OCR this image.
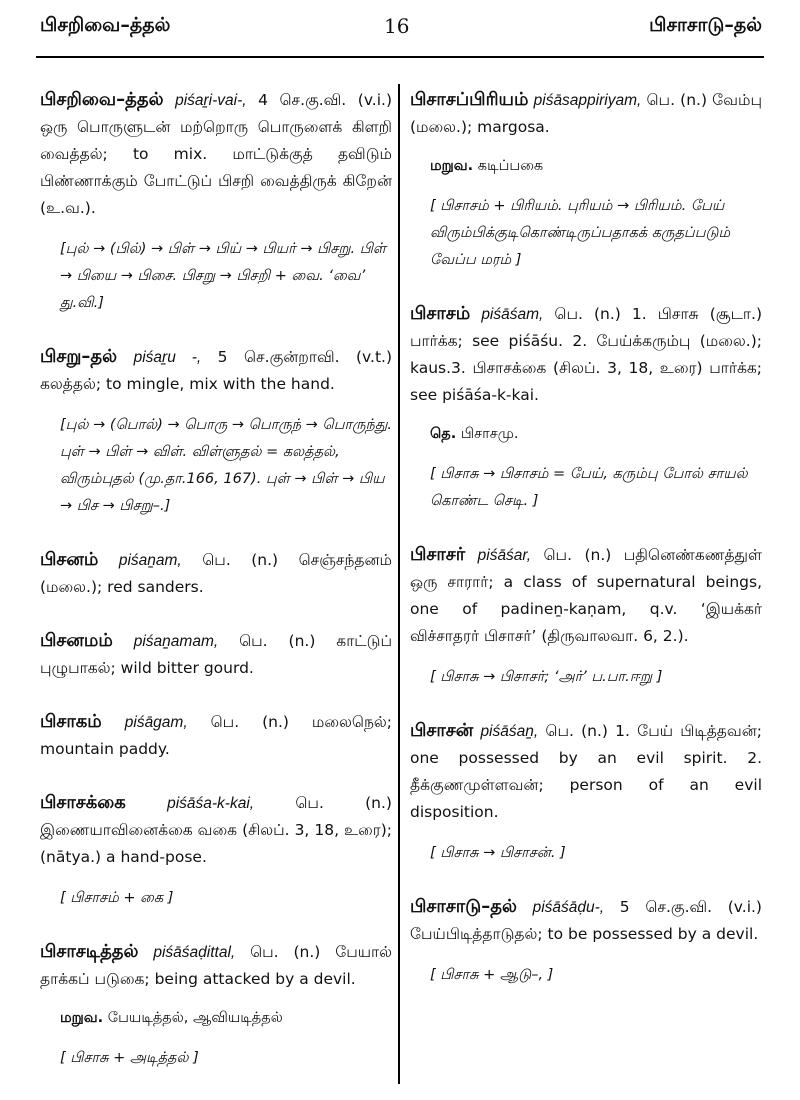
பிசறிவை–த்தல்	16	பிசாசாடு–தல்

பிசறிவை–த்தல் piśaṟi-vai-, 4 செ.கு.வி. (v.i.) ஒரு பொருளுடன் மற்றொரு பொருளைக் கிளறி வைத்தல்; to mix. மாட்டுக்குத் தவிடும் பிண்ணாக்கும் போட்டுப் பிசறி வைத்திருக் கிறேன் (உ.வ.).

[புல் → (பில்) → பிள் → பிய் → பியர் → பிசறு. பிள் → பியை → பிசை. பிசறு → பிசறி + வை. ‘வை’ து.வி.]

பிசறு–தல் piśaṟu -, 5 செ.குன்றாவி. (v.t.) கலத்தல்; to mingle, mix with the hand.

[புல் → (பொல்) → பொரு → பொருந் → பொருந்து. புள் → பிள் → விள். விள்ளுதல் = கலத்தல், விரும்புதல் (மு.தா.166, 167). புள் → பிள் → பிய → பிச → பிசறு–.]

பிசனம் piśaṉam, பெ. (n.) செஞ்சந்தனம் (மலை.); red sanders.

பிசனமம் piśaṉamam, பெ. (n.) காட்டுப் புழுபாகல்; wild bitter gourd.

பிசாகம் piśāgam, பெ. (n.) மலைநெல்; mountain paddy.

பிசாசக்கை	piśāśa-k-kai, பெ. (n.) இணையாவினைக்கை வகை (சிலப். 3, 18, உரை); (nātya.) a hand-pose.

[ பிசாசம் + கை ]

பிசாசடித்தல் piśāśaḍittal, பெ. (n.) பேயால் தாக்கப் படுகை; being attacked by a devil.

மறுவ. பேயடித்தல், ஆவியடித்தல்
[ பிசாசு + அடித்தல் ]

பிசாசப்பிரியம் piśāsappiriyam, பெ. (n.) வேம்பு (மலை.); margosa.

மறுவ. கடிப்பகை
[ பிசாசம் + பிரியம். புரியம் → பிரியம். பேய் விரும்பிக்குடிகொண்டிருப்பதாகக் கருதப்படும் வேப்ப மரம் ]

பிசாசம் piśāśam, பெ. (n.) 1. பிசாசு (சூடா.) பார்க்க; see piśāśu. 2. பேய்க்கரும்பு (மலை.); kaus.3. பிசாசக்கை (சிலப். 3, 18, உரை) பார்க்க; see piśāśa-k-kai.

தெ. பிசாசமு.
[ பிசாசு → பிசாசம் = பேய், கரும்பு போல் சாயல் கொண்ட செடி. ]

பிசாசர் piśāśar, பெ. (n.) பதினெண்கணத்துள் ஒரு சாரார்; a class of supernatural beings, one of padineṉ-kaṇam, q.v. ‘இயக்கர் விச்சாதரர் பிசாசர்’ (திருவாலவா. 6, 2.).

[ பிசாசு → பிசாசர்; ‘அர்’ ப.பா.ஈறு ]

பிசாசன் piśāśaṉ, பெ. (n.) 1. பேய் பிடித்தவன்; one possessed by an evil spirit. 2. தீக்குணமுள்ளவன்; person of an evil disposition.

[ பிசாசு → பிசாசன். ]

பிசாசாடு–தல் piśāśāḍu-, 5 செ.கு.வி. (v.i.) பேய்பிடித்தாடுதல்; to be possessed by a devil.

[ பிசாசு + ஆடு–, ]
